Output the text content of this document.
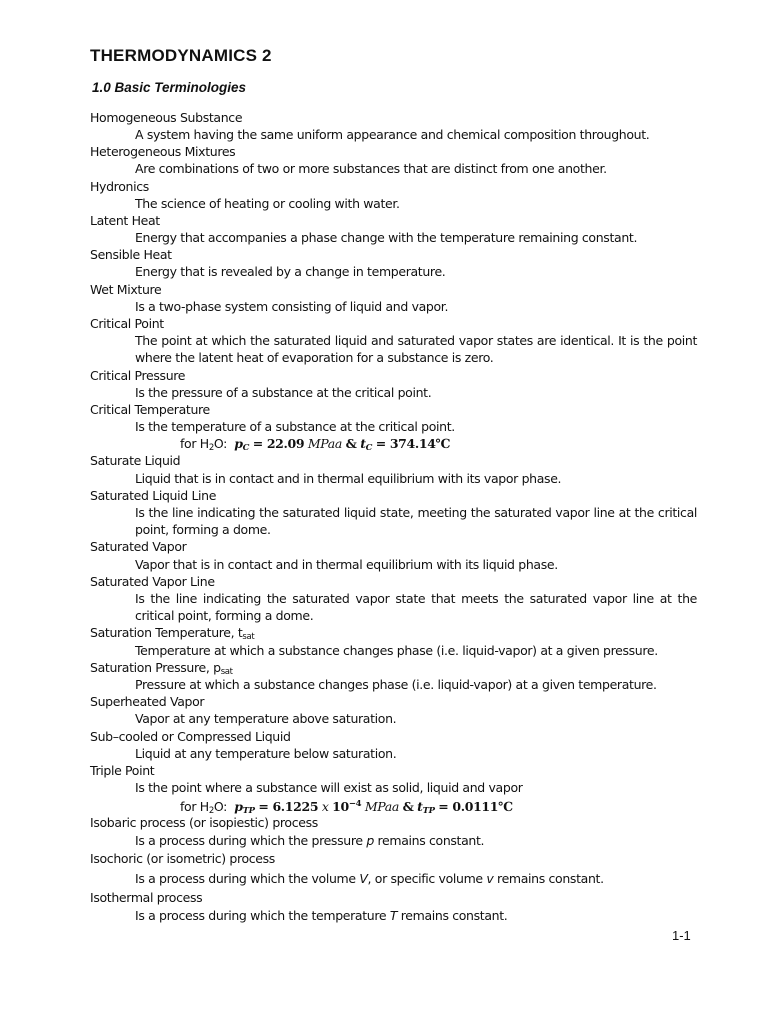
THERMODYNAMICS 2
1.0 Basic Terminologies
Homogeneous Substance
A system having the same uniform appearance and chemical composition throughout.
Heterogeneous Mixtures
Are combinations of two or more substances that are distinct from one another.
Hydronics
The science of heating or cooling with water.
Latent Heat
Energy that accompanies a phase change with the temperature remaining constant.
Sensible Heat
Energy that is revealed by a change in temperature.
Wet Mixture
Is a two-phase system consisting of liquid and vapor.
Critical Point
The point at which the saturated liquid and saturated vapor states are identical. It is the point
where the latent heat of evaporation for a substance is zero.
Critical Pressure
Is the pressure of a substance at the critical point.
Critical Temperature
Is the temperature of a substance at the critical point.
for $H_2O$: $p_C = 22.09$ MPaa & $t_C$ = 374.14℃
Saturate Liquid
Liquid that is in contact and in thermal equilibrium with its vapor phase.
Saturated Liquid Line
Is the line indicating the saturated liquid state, meeting the saturated vapor line at the critical
point, forming a dome.
Saturated Vapor
Vapor that is in contact and in thermal equilibrium with its liquid phase.
Saturated Vapor Line
Is the line indicating the saturated vapor state that meets the saturated vapor line at the
critical point, forming a dome.
Saturation Temperature, $t_{sat}$
Temperature at which a substance changes phase (i.e. liquid-vapor) at a given pressure.
Saturation Pressure, $p_{sat}$
Pressure at which a substance changes phase (i.e. liquid-vapor) at a given temperature.
Superheated Vapor
Vapor at any temperature above saturation.
Sub–cooled or Compressed Liquid
Liquid at any temperature below saturation.
Triple Point
Is the point where a substance will exist as solid, liquid and vapor
for $H_2O$: $p_{TP} = 6.1225$ x $10^{-4}$ MPaa & $t_{TP}$ = 0.0111℃
Isobaric process (or isopiestic) process
Is a process during which the pressure p remains constant.
Isochoric (or isometric) process
Is a process during which the volume V, or specific volume v remains constant.
Isothermal process
Is a process during which the temperature T remains constant.
1-1
